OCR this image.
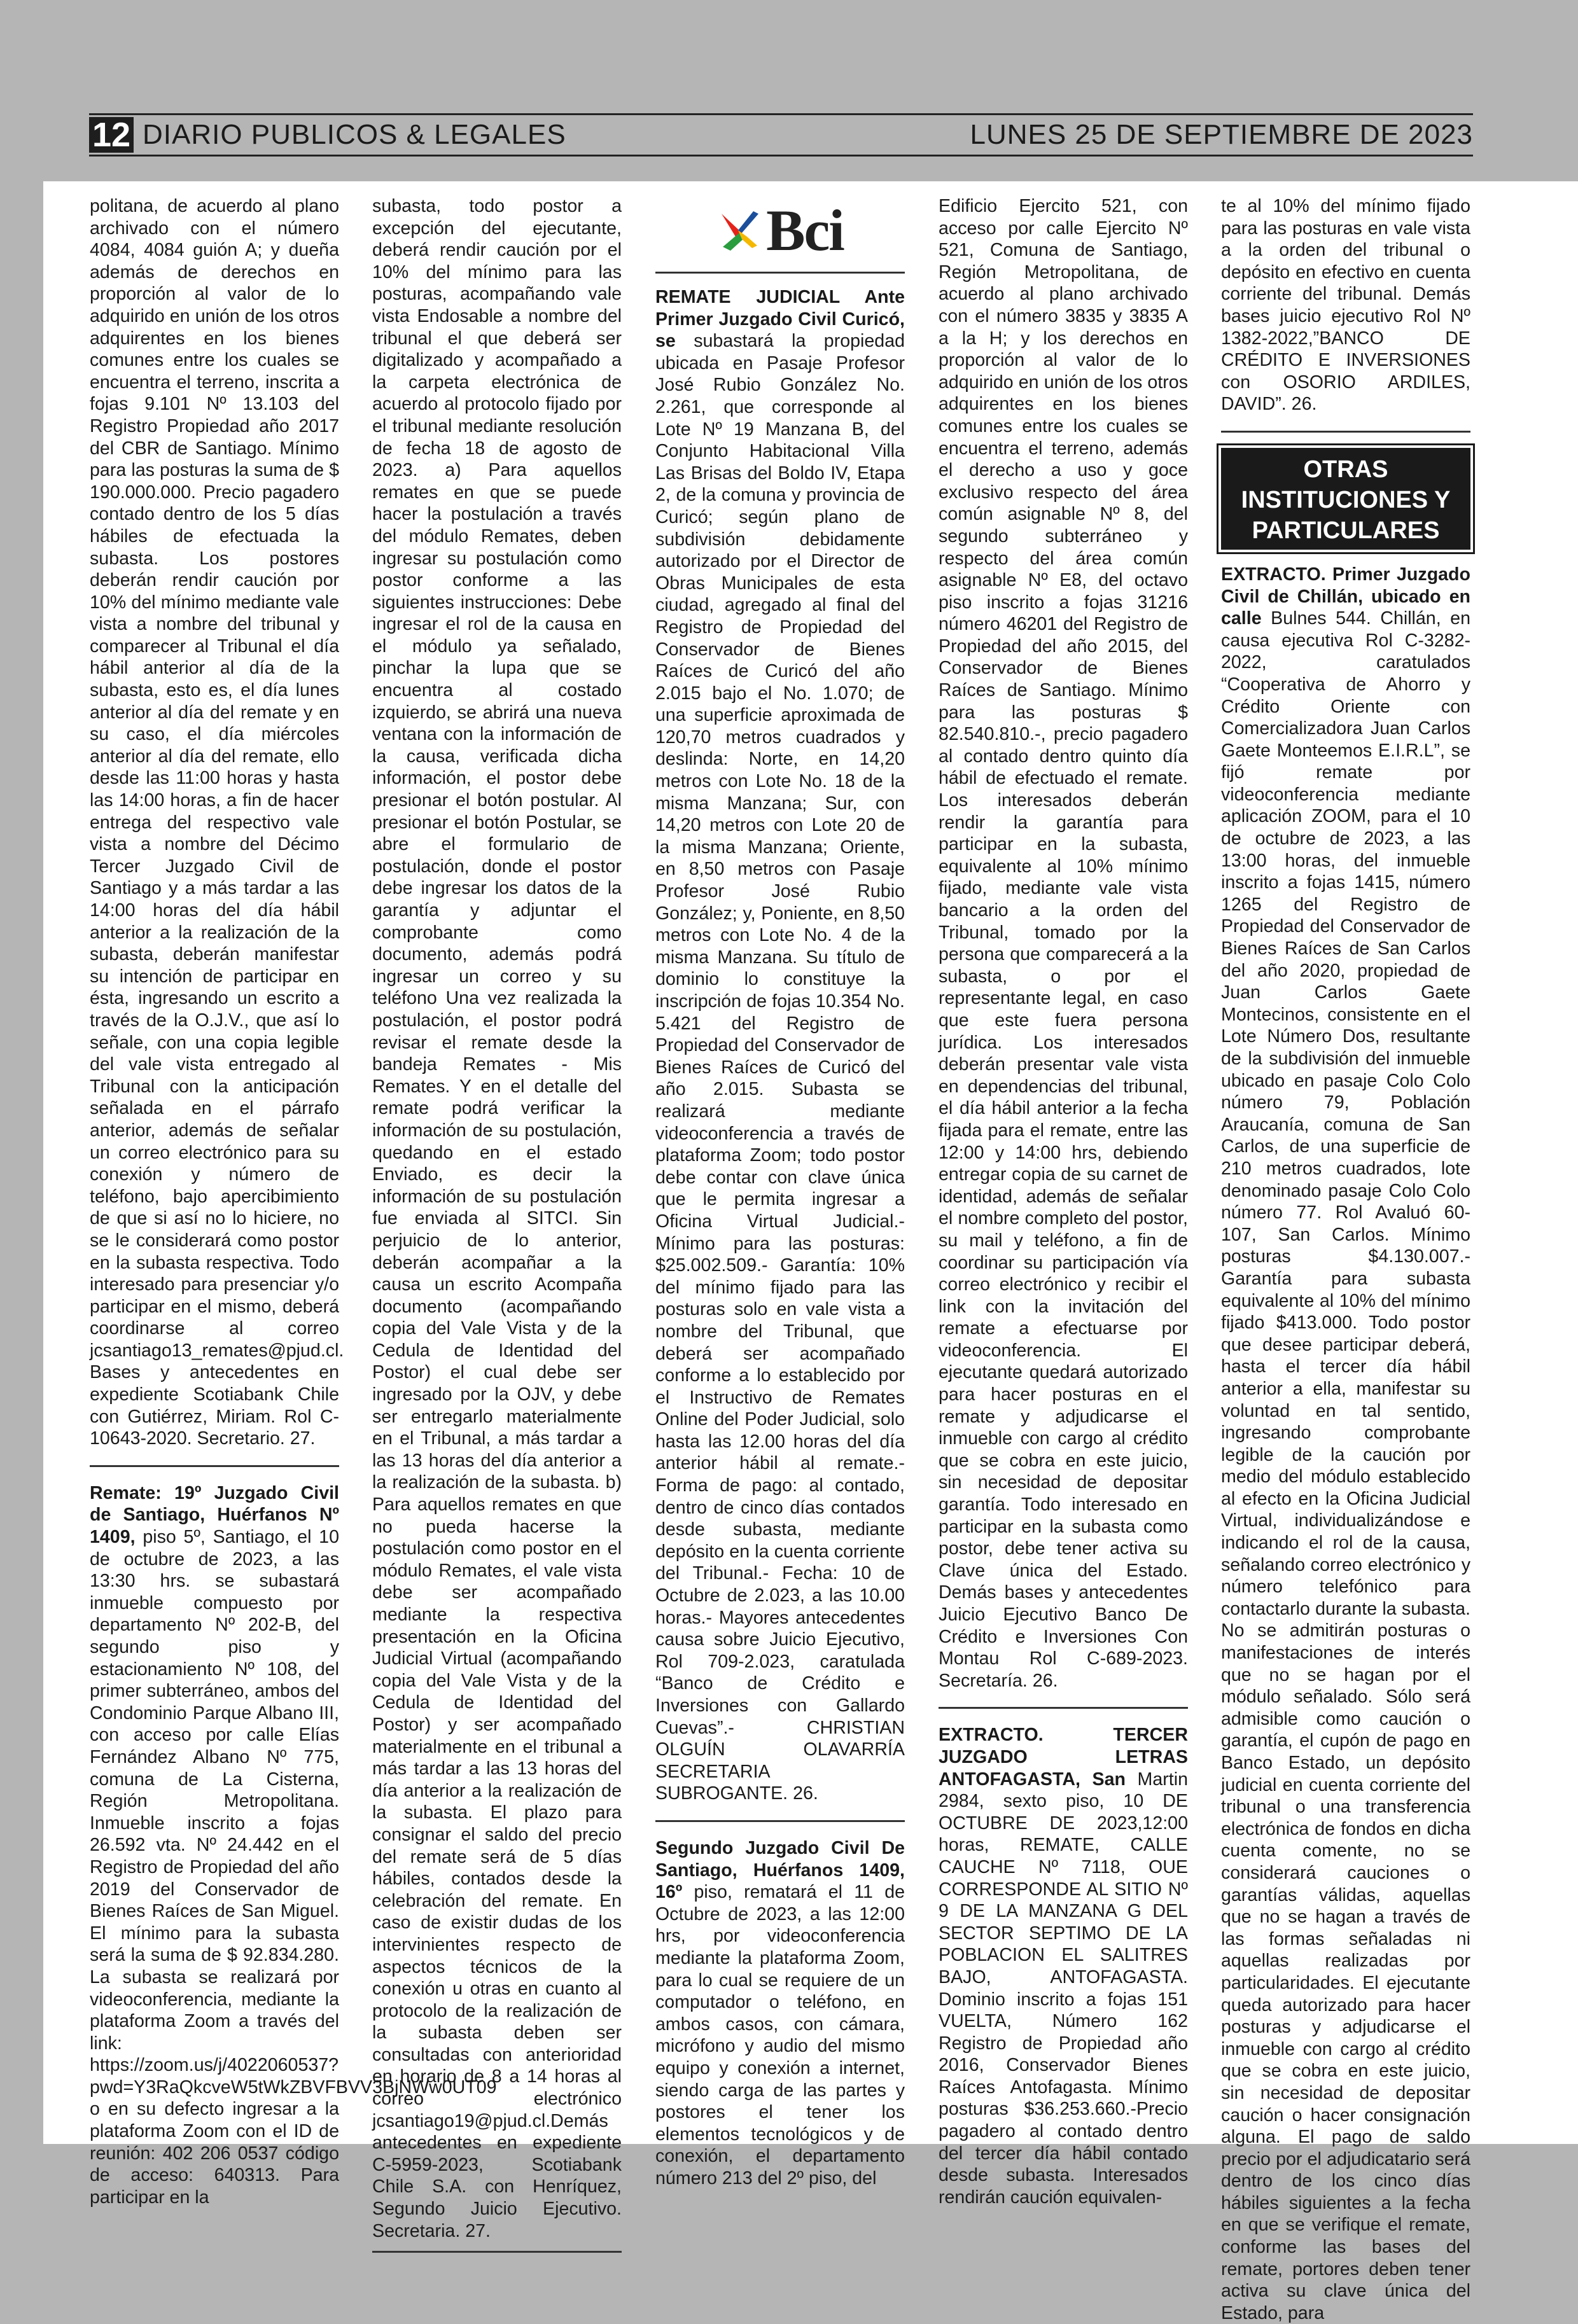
12 DIARIO PUBLICOS & LEGALES	LUNES 25 DE SEPTIEMBRE DE 2023

politana, de acuerdo al plano archivado con el número 4084, 4084 guión A; y dueña además de derechos en proporción al valor de lo adquirido en unión de los otros adquirentes en los bienes comunes entre los cuales se encuentra el terreno, inscrita a fojas 9.101 Nº 13.103 del Registro Propiedad año 2017 del CBR de Santiago. Mínimo para las posturas la suma de $ 190.000.000. Precio pagadero contado dentro de los 5 días hábiles de efectuada la subasta. Los postores deberán rendir caución por 10% del mínimo mediante vale vista a nombre del tribunal y comparecer al Tribunal el día hábil anterior al día de la subasta, esto es, el día lunes anterior al día del remate y en su caso, el día miércoles anterior al día del remate, ello desde las 11:00 horas y hasta las 14:00 horas, a fin de hacer entrega del respectivo vale vista a nombre del Décimo Tercer Juzgado Civil de Santiago y a más tardar a las 14:00 horas del día hábil anterior a la realización de la subasta, deberán manifestar su intención de participar en ésta, ingresando un escrito a través de la O.J.V., que así lo señale, con una copia legible del vale vista entregado al Tribunal con la anticipación señalada en el párrafo anterior, además de señalar un correo electrónico para su conexión y número de teléfono, bajo apercibimiento de que si así no lo hiciere, no se le considerará como postor en la subasta respectiva. Todo interesado para presenciar y/o participar en el mismo, deberá coordinarse al correo jcsantiago13_remates@pjud.cl. Bases y antecedentes en expediente Scotiabank Chile con Gutiérrez, Miriam. Rol C-10643-2020. Secretario. 27.

Remate: 19º Juzgado Civil de Santiago, Huérfanos Nº 1409, piso 5º, Santiago, el 10 de octubre de 2023, a las 13:30 hrs. se subastará inmueble compuesto por departamento Nº 202-B, del segundo piso y estacionamiento Nº 108, del primer subterráneo, ambos del Condominio Parque Albano III, con acceso por calle Elías Fernández Albano Nº 775, comuna de La Cisterna, Región Metropolitana. Inmueble inscrito a fojas 26.592 vta. Nº 24.442 en el Registro de Propiedad del año 2019 del Conservador de Bienes Raíces de San Miguel. El mínimo para la subasta será la suma de $ 92.834.280. La subasta se realizará por videoconferencia, mediante la plataforma Zoom a través del link: https://zoom.us/j/4022060537?pwd=Y3RaQkcveW5tWkZBVFBVV3BjNWw0UT09 o en su defecto ingresar a la plataforma Zoom con el ID de reunión: 402 206 0537 código de acceso: 640313. Para participar en la

subasta, todo postor a excepción del ejecutante, deberá rendir caución por el 10% del mínimo para las posturas, acompañando vale vista Endosable a nombre del tribunal el que deberá ser digitalizado y acompañado a la carpeta electrónica de acuerdo al protocolo fijado por el tribunal mediante resolución de fecha 18 de agosto de 2023. a) Para aquellos remates en que se puede hacer la postulación a través del módulo Remates, deben ingresar su postulación como postor conforme a las siguientes instrucciones: Debe ingresar el rol de la causa en el módulo ya señalado, pinchar la lupa que se encuentra al costado izquierdo, se abrirá una nueva ventana con la información de la causa, verificada dicha información, el postor debe presionar el botón postular. Al presionar el botón Postular, se abre el formulario de postulación, donde el postor debe ingresar los datos de la garantía y adjuntar el comprobante como documento, además podrá ingresar un correo y su teléfono Una vez realizada la postulación, el postor podrá revisar el remate desde la bandeja Remates - Mis Remates. Y en el detalle del remate podrá verificar la información de su postulación, quedando en el estado Enviado, es decir la información de su postulación fue enviada al SITCI. Sin perjuicio de lo anterior, deberán acompañar a la causa un escrito Acompaña documento (acompañando copia del Vale Vista y de la Cedula de Identidad del Postor) el cual debe ser ingresado por la OJV, y debe ser entregarlo materialmente en el Tribunal, a más tardar a las 13 horas del día anterior a la realización de la subasta. b) Para aquellos remates en que no pueda hacerse la postulación como postor en el módulo Remates, el vale vista debe ser acompañado mediante la respectiva presentación en la Oficina Judicial Virtual (acompañando copia del Vale Vista y de la Cedula de Identidad del Postor) y ser acompañado materialmente en el tribunal a más tardar a las 13 horas del día anterior a la realización de la subasta. El plazo para consignar el saldo del precio del remate será de 5 días hábiles, contados desde la celebración del remate. En caso de existir dudas de los intervinientes respecto de aspectos técnicos de la conexión u otras en cuanto al protocolo de la realización de la subasta deben ser consultadas con anterioridad en horario de 8 a 14 horas al correo electrónico jcsantiago19@pjud.cl.Demás antecedentes en expediente C-5959-2023, Scotiabank Chile S.A. con Henríquez, Segundo Juicio Ejecutivo. Secretaria. 27.

Bci

REMATE JUDICIAL Ante Primer Juzgado Civil Curicó, se subastará la propiedad ubicada en Pasaje Profesor José Rubio González No. 2.261, que corresponde al Lote Nº 19 Manzana B, del Conjunto Habitacional Villa Las Brisas del Boldo IV, Etapa 2, de la comuna y provincia de Curicó; según plano de subdivisión debidamente autorizado por el Director de Obras Municipales de esta ciudad, agregado al final del Registro de Propiedad del Conservador de Bienes Raíces de Curicó del año 2.015 bajo el No. 1.070; de una superficie aproximada de 120,70 metros cuadrados y deslinda: Norte, en 14,20 metros con Lote No. 18 de la misma Manzana; Sur, con 14,20 metros con Lote 20 de la misma Manzana; Oriente, en 8,50 metros con Pasaje Profesor José Rubio González; y, Poniente, en 8,50 metros con Lote No. 4 de la misma Manzana. Su título de dominio lo constituye la inscripción de fojas 10.354 No. 5.421 del Registro de Propiedad del Conservador de Bienes Raíces de Curicó del año 2.015. Subasta se realizará mediante videoconferencia a través de plataforma Zoom; todo postor debe contar con clave única que le permita ingresar a Oficina Virtual Judicial.- Mínimo para las posturas: $25.002.509.- Garantía: 10% del mínimo fijado para las posturas solo en vale vista a nombre del Tribunal, que deberá ser acompañado conforme a lo establecido por el Instructivo de Remates Online del Poder Judicial, solo hasta las 12.00 horas del día anterior hábil al remate.- Forma de pago: al contado, dentro de cinco días contados desde subasta, mediante depósito en la cuenta corriente del Tribunal.- Fecha: 10 de Octubre de 2.023, a las 10.00 horas.- Mayores antecedentes causa sobre Juicio Ejecutivo, Rol 709-2.023, caratulada “Banco de Crédito e Inversiones con Gallardo Cuevas”.- CHRISTIAN OLGUÍN OLAVARRÍA SECRETARIA SUBROGANTE. 26.

Segundo Juzgado Civil De Santiago, Huérfanos 1409, 16º piso, rematará el 11 de Octubre de 2023, a las 12:00 hrs, por videoconferencia mediante la plataforma Zoom, para lo cual se requiere de un computador o teléfono, en ambos casos, con cámara, micrófono y audio del mismo equipo y conexión a internet, siendo carga de las partes y postores el tener los elementos tecnológicos y de conexión, el departamento número 213 del 2º piso, del

Edificio Ejercito 521, con acceso por calle Ejercito Nº 521, Comuna de Santiago, Región Metropolitana, de acuerdo al plano archivado con el número 3835 y 3835 A a la H; y los derechos en proporción al valor de lo adquirido en unión de los otros adquirentes en los bienes comunes entre los cuales se encuentra el terreno, además el derecho a uso y goce exclusivo respecto del área común asignable Nº 8, del segundo subterráneo y respecto del área común asignable Nº E8, del octavo piso inscrito a fojas 31216 número 46201 del Registro de Propiedad del año 2015, del Conservador de Bienes Raíces de Santiago. Mínimo para las posturas $ 82.540.810.-, precio pagadero al contado dentro quinto día hábil de efectuado el remate. Los interesados deberán rendir la garantía para participar en la subasta, equivalente al 10% mínimo fijado, mediante vale vista bancario a la orden del Tribunal, tomado por la persona que comparecerá a la subasta, o por el representante legal, en caso que este fuera persona jurídica. Los interesados deberán presentar vale vista en dependencias del tribunal, el día hábil anterior a la fecha fijada para el remate, entre las 12:00 y 14:00 hrs, debiendo entregar copia de su carnet de identidad, además de señalar el nombre completo del postor, su mail y teléfono, a fin de coordinar su participación vía correo electrónico y recibir el link con la invitación del remate a efectuarse por videoconferencia. El ejecutante quedará autorizado para hacer posturas en el remate y adjudicarse el inmueble con cargo al crédito que se cobra en este juicio, sin necesidad de depositar garantía. Todo interesado en participar en la subasta como postor, debe tener activa su Clave única del Estado. Demás bases y antecedentes Juicio Ejecutivo Banco De Crédito e Inversiones Con Montau Rol C-689-2023. Secretaría. 26.

EXTRACTO. TERCER JUZGADO LETRAS ANTOFAGASTA, San Martin 2984, sexto piso, 10 DE OCTUBRE DE 2023,12:00 horas, REMATE, CALLE CAUCHE Nº 7118, OUE CORRESPONDE AL SITIO Nº 9 DE LA MANZANA G DEL SECTOR SEPTIMO DE LA POBLACION EL SALITRES BAJO, ANTOFAGASTA. Dominio inscrito a fojas 151 VUELTA, Número 162 Registro de Propiedad año 2016, Conservador Bienes Raíces Antofagasta. Mínimo posturas $36.253.660.-Precio pagadero al contado dentro del tercer día hábil contado desde subasta. Interesados rendirán caución equivalen-

te al 10% del mínimo fijado para las posturas en vale vista a la orden del tribunal o depósito en efectivo en cuenta corriente del tribunal. Demás bases juicio ejecutivo Rol Nº 1382-2022,”BANCO DE CRÉDITO E INVERSIONES con OSORIO ARDILES, DAVID”. 26.

OTRAS INSTITUCIONES Y PARTICULARES

EXTRACTO. Primer Juzgado Civil de Chillán, ubicado en calle Bulnes 544. Chillán, en causa ejecutiva Rol C-3282-2022, caratulados “Cooperativa de Ahorro y Crédito Oriente con Comercializadora Juan Carlos Gaete Monteemos E.I.R.L”, se fijó remate por videoconferencia mediante aplicación ZOOM, para el 10 de octubre de 2023, a las 13:00 horas, del inmueble inscrito a fojas 1415, número 1265 del Registro de Propiedad del Conservador de Bienes Raíces de San Carlos del año 2020, propiedad de Juan Carlos Gaete Montecinos, consistente en el Lote Número Dos, resultante de la subdivisión del inmueble ubicado en pasaje Colo Colo número 79, Población Araucanía, comuna de San Carlos, de una superficie de 210 metros cuadrados, lote denominado pasaje Colo Colo número 77. Rol Avaluó 60-107, San Carlos. Mínimo posturas $4.130.007.- Garantía para subasta equivalente al 10% del mínimo fijado $413.000. Todo postor que desee participar deberá, hasta el tercer día hábil anterior a ella, manifestar su voluntad en tal sentido, ingresando comprobante legible de la caución por medio del módulo establecido al efecto en la Oficina Judicial Virtual, individualizándose e indicando el rol de la causa, señalando correo electrónico y número telefónico para contactarlo durante la subasta. No se admitirán posturas o manifestaciones de interés que no se hagan por el módulo señalado. Sólo será admisible como caución o garantía, el cupón de pago en Banco Estado, un depósito judicial en cuenta corriente del tribunal o una transferencia electrónica de fondos en dicha cuenta comente, no se considerará cauciones o garantías válidas, aquellas que no se hagan a través de las formas señaladas ni aquellas realizadas por particularidades. El ejecutante queda autorizado para hacer posturas y adjudicarse el inmueble con cargo al crédito que se cobra en este juicio, sin necesidad de depositar caución o hacer consignación alguna. El pago de saldo precio por el adjudicatario será dentro de los cinco días hábiles siguientes a la fecha en que se verifique el remate, conforme las bases del remate, portores deben tener activa su clave única del Estado, para
